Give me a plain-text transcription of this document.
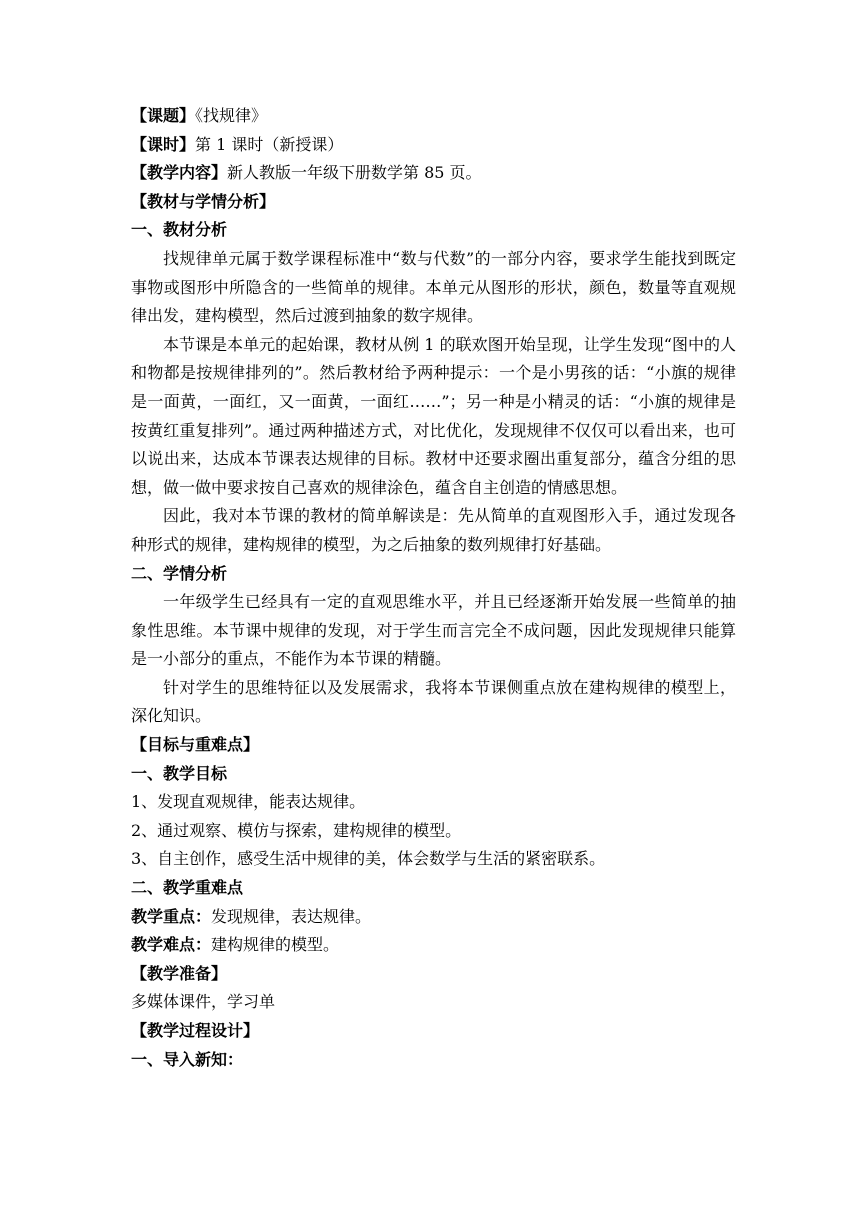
【课题】《找规律》
【课时】第 1 课时（新授课）
【教学内容】新人教版一年级下册数学第 85 页。
【教材与学情分析】
一、教材分析
找规律单元属于数学课程标准中“数与代数”的一部分内容，要求学生能找到既定事物或图形中所隐含的一些简单的规律。本单元从图形的形状，颜色，数量等直观规律出发，建构模型，然后过渡到抽象的数字规律。
本节课是本单元的起始课，教材从例 1 的联欢图开始呈现，让学生发现“图中的人和物都是按规律排列的”。然后教材给予两种提示：一个是小男孩的话：“小旗的规律是一面黄，一面红，又一面黄，一面红……”；另一种是小精灵的话：“小旗的规律是按黄红重复排列”。通过两种描述方式，对比优化，发现规律不仅仅可以看出来，也可以说出来，达成本节课表达规律的目标。教材中还要求圈出重复部分，蕴含分组的思想，做一做中要求按自己喜欢的规律涂色，蕴含自主创造的情感思想。
因此，我对本节课的教材的简单解读是：先从简单的直观图形入手，通过发现各种形式的规律，建构规律的模型，为之后抽象的数列规律打好基础。
二、学情分析
一年级学生已经具有一定的直观思维水平，并且已经逐渐开始发展一些简单的抽象性思维。本节课中规律的发现，对于学生而言完全不成问题，因此发现规律只能算是一小部分的重点，不能作为本节课的精髓。
针对学生的思维特征以及发展需求，我将本节课侧重点放在建构规律的模型上，深化知识。
【目标与重难点】
一、教学目标
1、发现直观规律，能表达规律。
2、通过观察、模仿与探索，建构规律的模型。
3、自主创作，感受生活中规律的美，体会数学与生活的紧密联系。
二、教学重难点
教学重点：发现规律，表达规律。
教学难点：建构规律的模型。
【教学准备】
多媒体课件，学习单
【教学过程设计】
一、导入新知：
